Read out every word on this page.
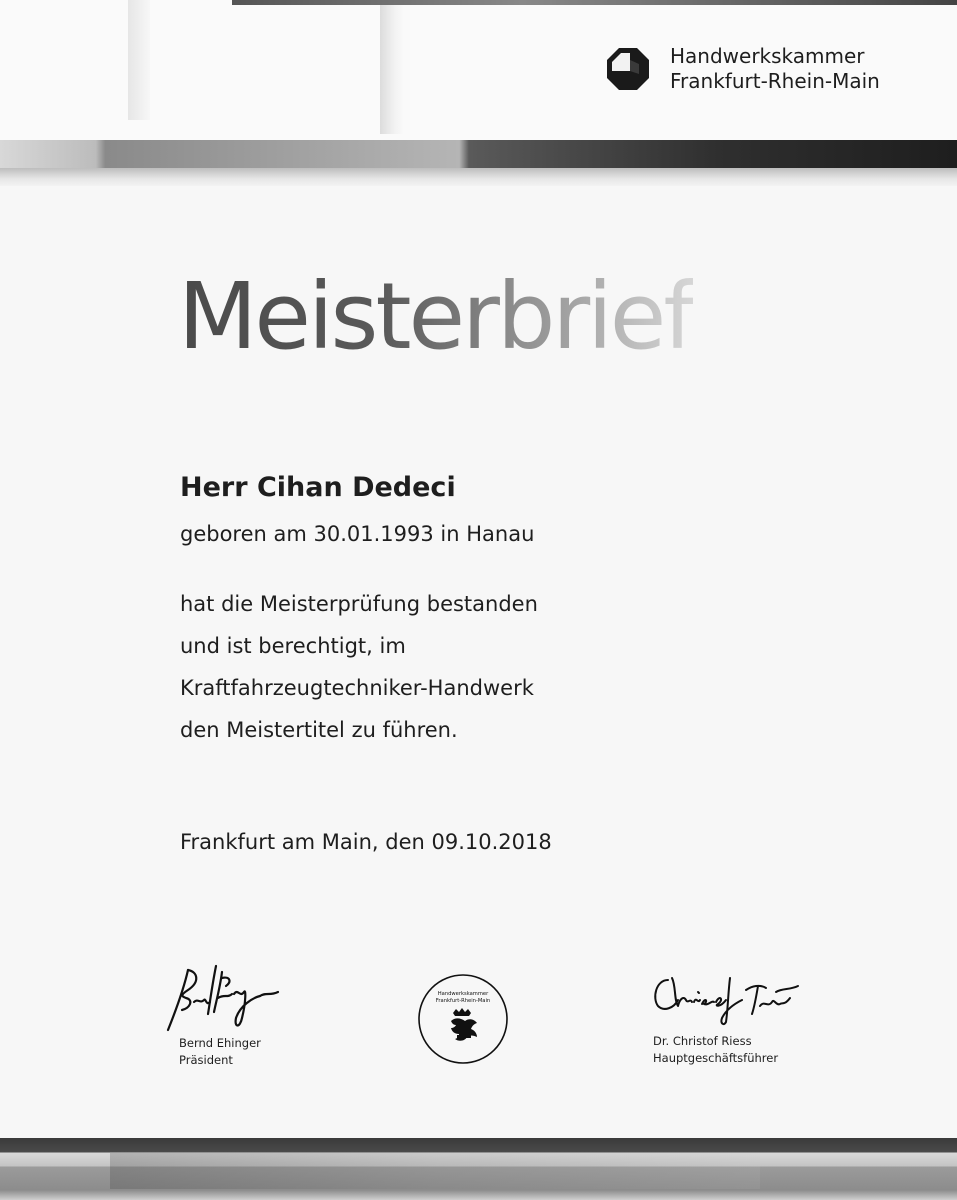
Handwerkskammer
Frankfurt-Rhein-Main
Meisterbrief
Herr Cihan Dedeci
geboren am 30.01.1993 in Hanau
hat die Meisterprüfung bestanden
und ist berechtigt, im
Kraftfahrzeugtechniker-Handwerk
den Meistertitel zu führen.
Frankfurt am Main, den 09.10.2018
Bernd Ehinger
Präsident
Handwerkskammer
Frankfurt-Rhein-Main
Dr. Christof Riess
Hauptgeschäftsführer
